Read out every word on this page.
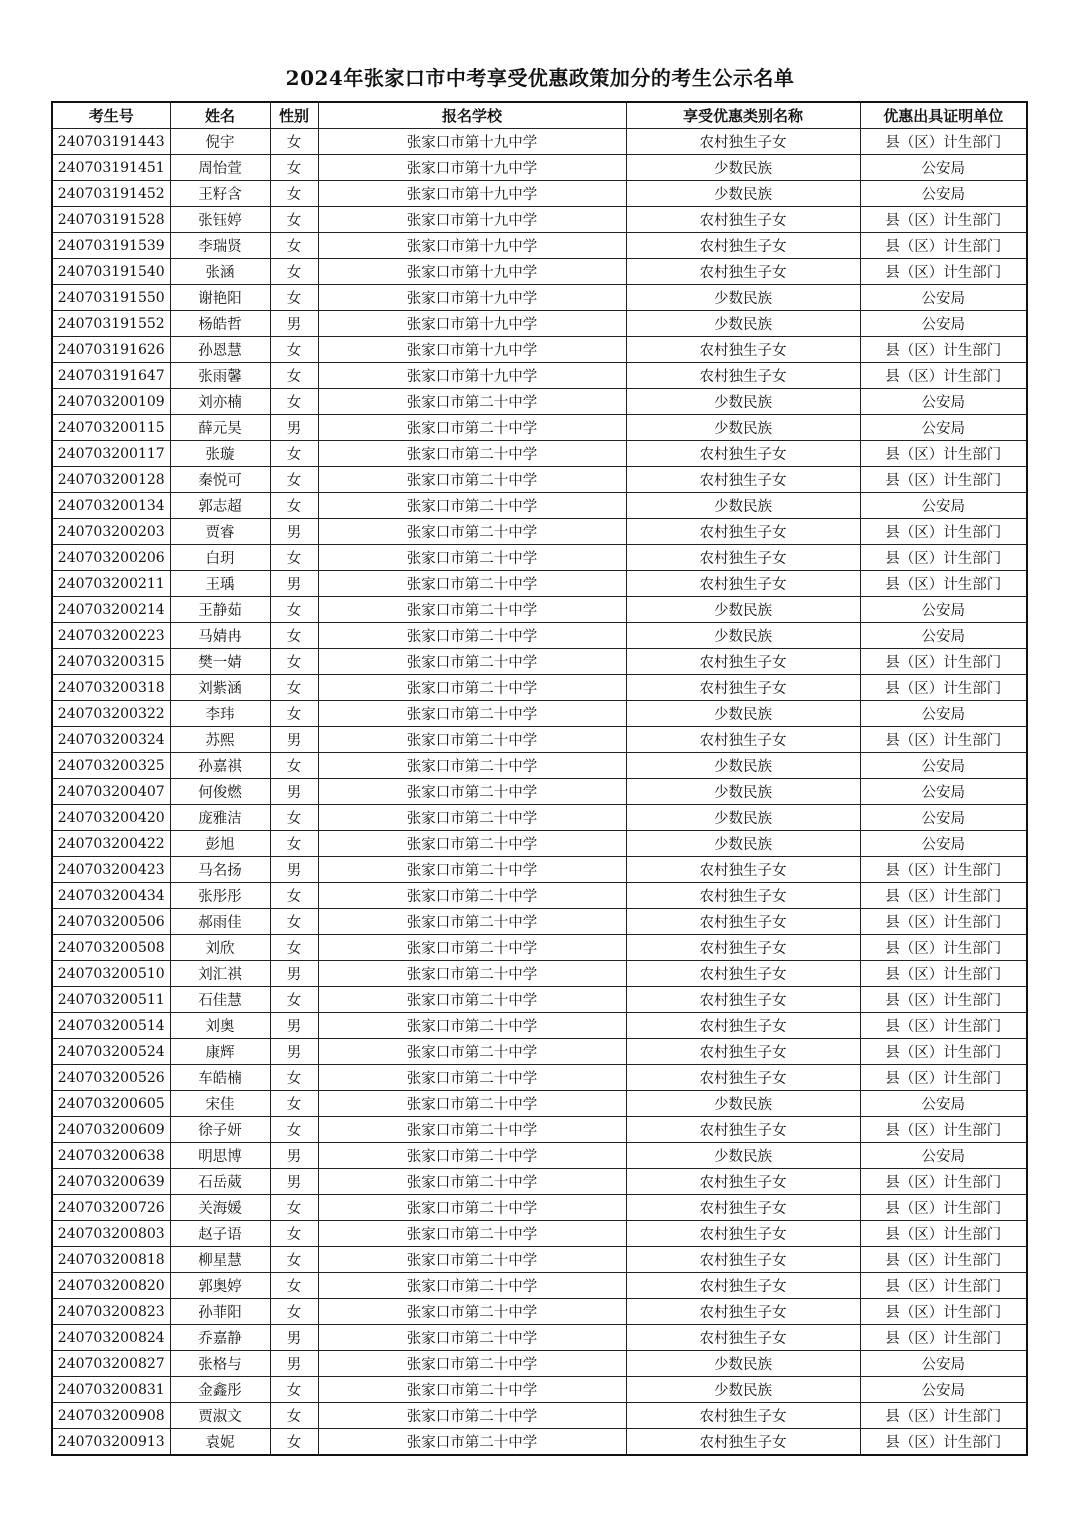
2024年张家口市中考享受优惠政策加分的考生公示名单
考生号	姓名	性别	报名学校	享受优惠类别名称	优惠出具证明单位
240703191443	倪宇	女	张家口市第十九中学	农村独生子女	县（区）计生部门
240703191451	周怡萱	女	张家口市第十九中学	少数民族	公安局
240703191452	王籽含	女	张家口市第十九中学	少数民族	公安局
240703191528	张钰婷	女	张家口市第十九中学	农村独生子女	县（区）计生部门
240703191539	李瑞贤	女	张家口市第十九中学	农村独生子女	县（区）计生部门
240703191540	张涵	女	张家口市第十九中学	农村独生子女	县（区）计生部门
240703191550	谢艳阳	女	张家口市第十九中学	少数民族	公安局
240703191552	杨皓哲	男	张家口市第十九中学	少数民族	公安局
240703191626	孙恩慧	女	张家口市第十九中学	农村独生子女	县（区）计生部门
240703191647	张雨馨	女	张家口市第十九中学	农村独生子女	县（区）计生部门
240703200109	刘亦楠	女	张家口市第二十中学	少数民族	公安局
240703200115	薛元昊	男	张家口市第二十中学	少数民族	公安局
240703200117	张璇	女	张家口市第二十中学	农村独生子女	县（区）计生部门
240703200128	秦悦可	女	张家口市第二十中学	农村独生子女	县（区）计生部门
240703200134	郭志超	女	张家口市第二十中学	少数民族	公安局
240703200203	贾睿	男	张家口市第二十中学	农村独生子女	县（区）计生部门
240703200206	白玥	女	张家口市第二十中学	农村独生子女	县（区）计生部门
240703200211	王瑀	男	张家口市第二十中学	农村独生子女	县（区）计生部门
240703200214	王静茹	女	张家口市第二十中学	少数民族	公安局
240703200223	马婧冉	女	张家口市第二十中学	少数民族	公安局
240703200315	樊一婧	女	张家口市第二十中学	农村独生子女	县（区）计生部门
240703200318	刘紫涵	女	张家口市第二十中学	农村独生子女	县（区）计生部门
240703200322	李玮	女	张家口市第二十中学	少数民族	公安局
240703200324	苏熙	男	张家口市第二十中学	农村独生子女	县（区）计生部门
240703200325	孙嘉祺	女	张家口市第二十中学	少数民族	公安局
240703200407	何俊燃	男	张家口市第二十中学	少数民族	公安局
240703200420	庞雅洁	女	张家口市第二十中学	少数民族	公安局
240703200422	彭旭	女	张家口市第二十中学	少数民族	公安局
240703200423	马名扬	男	张家口市第二十中学	农村独生子女	县（区）计生部门
240703200434	张彤彤	女	张家口市第二十中学	农村独生子女	县（区）计生部门
240703200506	郝雨佳	女	张家口市第二十中学	农村独生子女	县（区）计生部门
240703200508	刘欣	女	张家口市第二十中学	农村独生子女	县（区）计生部门
240703200510	刘汇祺	男	张家口市第二十中学	农村独生子女	县（区）计生部门
240703200511	石佳慧	女	张家口市第二十中学	农村独生子女	县（区）计生部门
240703200514	刘奥	男	张家口市第二十中学	农村独生子女	县（区）计生部门
240703200524	康辉	男	张家口市第二十中学	农村独生子女	县（区）计生部门
240703200526	车皓楠	女	张家口市第二十中学	农村独生子女	县（区）计生部门
240703200605	宋佳	女	张家口市第二十中学	少数民族	公安局
240703200609	徐子妍	女	张家口市第二十中学	农村独生子女	县（区）计生部门
240703200638	明思博	男	张家口市第二十中学	少数民族	公安局
240703200639	石岳葳	男	张家口市第二十中学	农村独生子女	县（区）计生部门
240703200726	关海媛	女	张家口市第二十中学	农村独生子女	县（区）计生部门
240703200803	赵子语	女	张家口市第二十中学	农村独生子女	县（区）计生部门
240703200818	柳星慧	女	张家口市第二十中学	农村独生子女	县（区）计生部门
240703200820	郭奥婷	女	张家口市第二十中学	农村独生子女	县（区）计生部门
240703200823	孙菲阳	女	张家口市第二十中学	农村独生子女	县（区）计生部门
240703200824	乔嘉静	男	张家口市第二十中学	农村独生子女	县（区）计生部门
240703200827	张格与	男	张家口市第二十中学	少数民族	公安局
240703200831	金鑫彤	女	张家口市第二十中学	少数民族	公安局
240703200908	贾淑文	女	张家口市第二十中学	农村独生子女	县（区）计生部门
240703200913	袁妮	女	张家口市第二十中学	农村独生子女	县（区）计生部门
